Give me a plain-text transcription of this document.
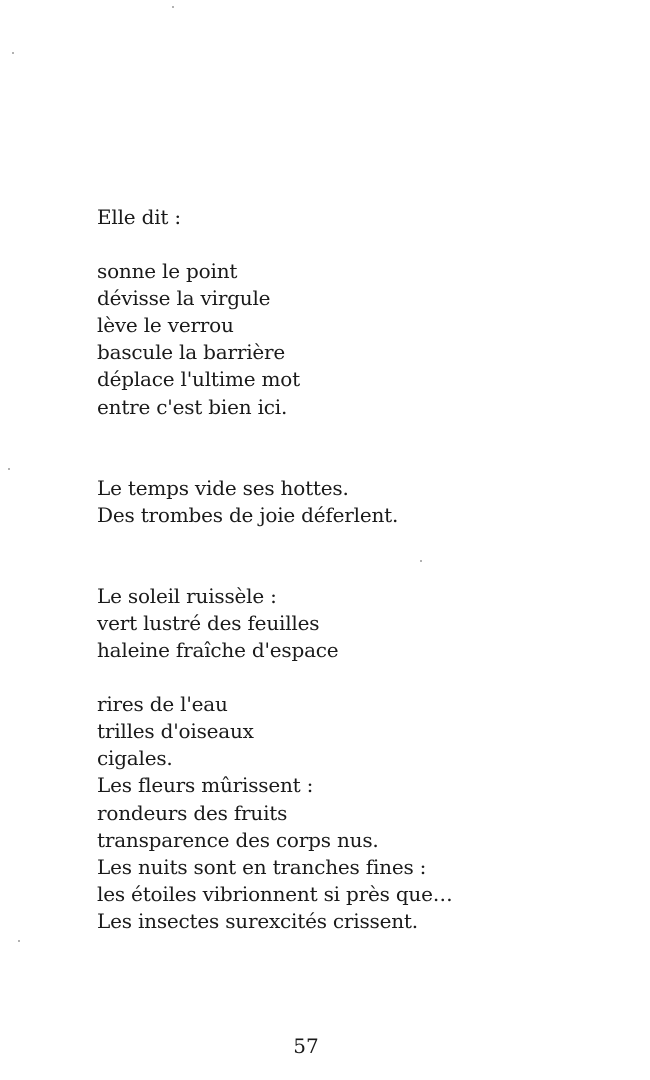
Elle dit :
sonne le point
dévisse la virgule
lève le verrou
bascule la barrière
déplace l'ultime mot
entre c'est bien ici.
Le temps vide ses hottes.
Des trombes de joie déferlent.
Le soleil ruissèle :
vert lustré des feuilles
haleine fraîche d'espace
rires de l'eau
trilles d'oiseaux
cigales.
Les fleurs mûrissent :
rondeurs des fruits
transparence des corps nus.
Les nuits sont en tranches fines :
les étoiles vibrionnent si près que…
Les insectes surexcités crissent.
57
